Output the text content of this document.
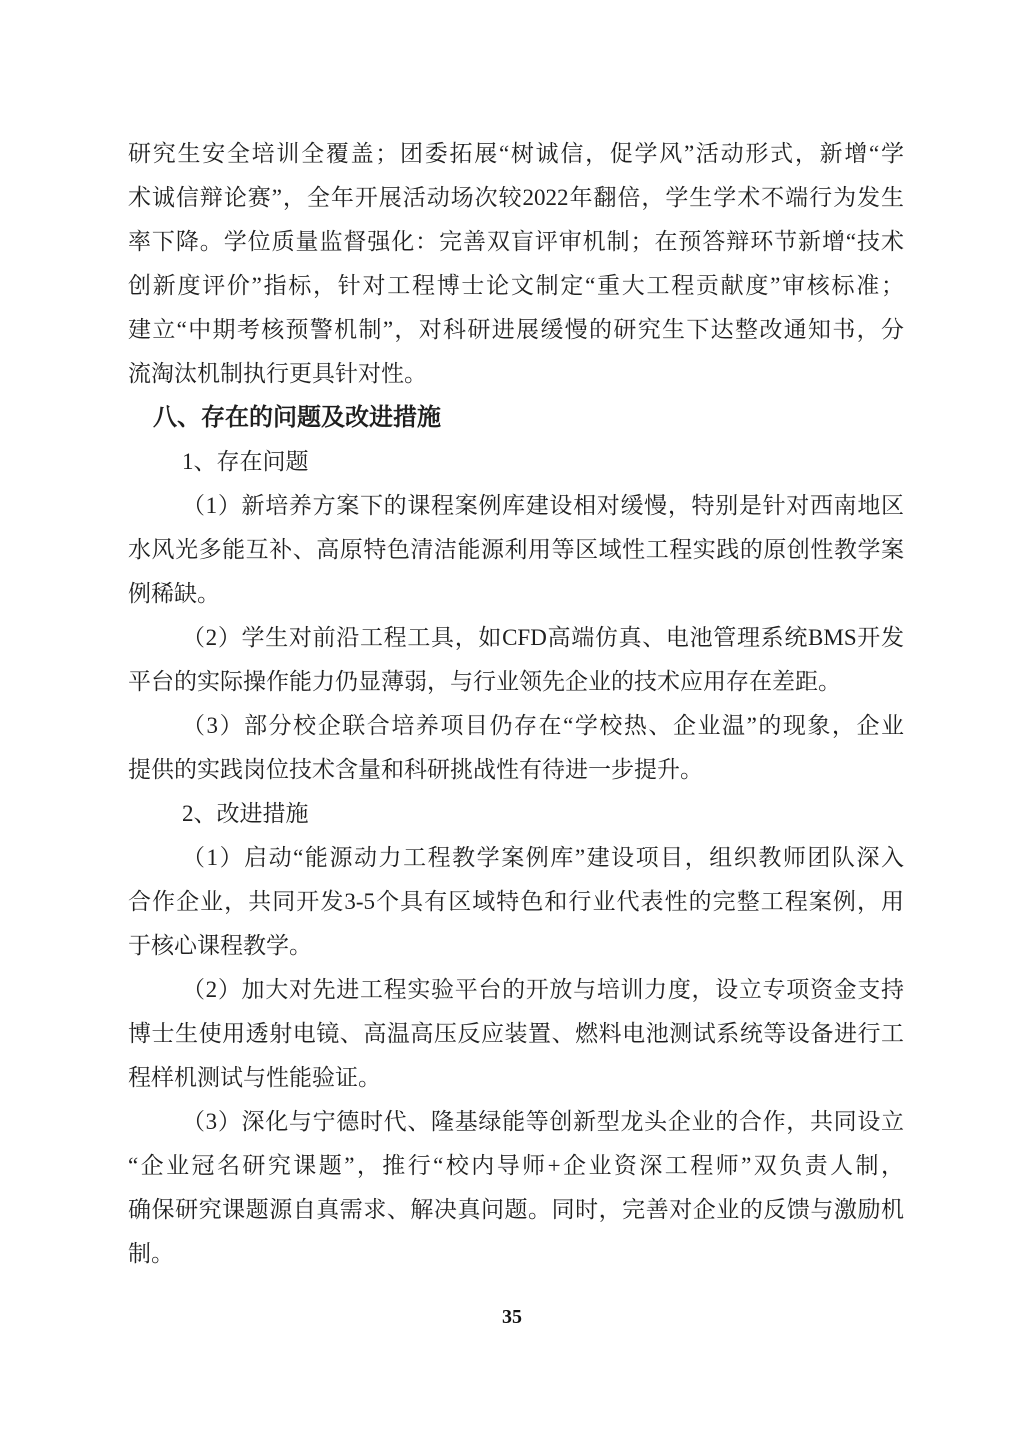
研究生安全培训全覆盖；团委拓展“树诚信，促学风”活动形式，新增“学
术诚信辩论赛”，全年开展活动场次较2022年翻倍，学生学术不端行为发生
率下降。学位质量监督强化：完善双盲评审机制；在预答辩环节新增“技术
创新度评价”指标，针对工程博士论文制定“重大工程贡献度”审核标准；
建立“中期考核预警机制”，对科研进展缓慢的研究生下达整改通知书，分
流淘汰机制执行更具针对性。
八、存在的问题及改进措施
1、存在问题
（1）新培养方案下的课程案例库建设相对缓慢，特别是针对西南地区
水风光多能互补、高原特色清洁能源利用等区域性工程实践的原创性教学案
例稀缺。
（2）学生对前沿工程工具，如CFD高端仿真、电池管理系统BMS开发
平台的实际操作能力仍显薄弱，与行业领先企业的技术应用存在差距。
（3）部分校企联合培养项目仍存在“学校热、企业温”的现象，企业
提供的实践岗位技术含量和科研挑战性有待进一步提升。
2、改进措施
（1）启动“能源动力工程教学案例库”建设项目，组织教师团队深入
合作企业，共同开发3-5个具有区域特色和行业代表性的完整工程案例，用
于核心课程教学。
（2）加大对先进工程实验平台的开放与培训力度，设立专项资金支持
博士生使用透射电镜、高温高压反应装置、燃料电池测试系统等设备进行工
程样机测试与性能验证。
（3）深化与宁德时代、隆基绿能等创新型龙头企业的合作，共同设立
“企业冠名研究课题”，推行“校内导师+企业资深工程师”双负责人制，
确保研究课题源自真需求、解决真问题。同时，完善对企业的反馈与激励机
制。
35
